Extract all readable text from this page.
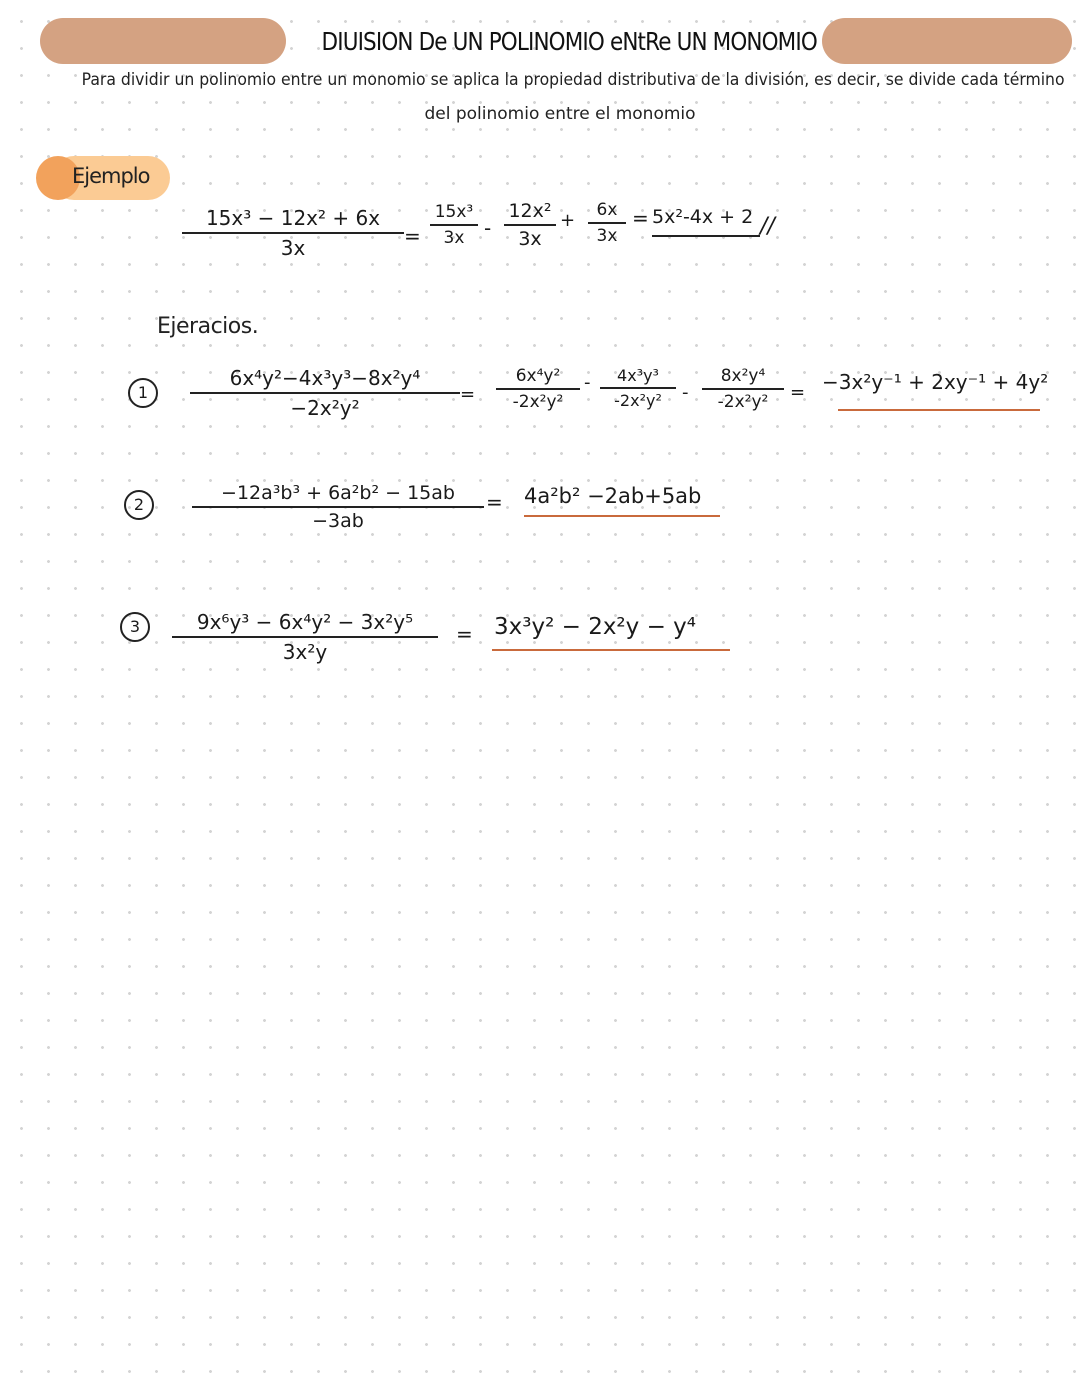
DIUISION De UN POLINOMIO eNtRe UN MONOMIO
Para dividir un polinomio entre un monomio se aplica la propiedad distributiva de la división, es decir, se divide cada término
del polinomio entre el monomio
Ejemplo
15x³ − 12x² + 6x
3x	=
15x³
3x -
12x²
3x
+	6x
3x
= 5x²-4x + 2 //
Ejeracios.
1
6x⁴y²−4x³y³−8x²y⁴
−2x²y²
=
6x⁴y²
-2x²y²
-	4x³y³
-2x²y²	-
8x²y⁴
-2x²y²	= −3x²y⁻¹ + 2xy⁻¹ + 4y²
2
−12a³b³ + 6a²b² − 15ab
−3ab
= 4a²b² −2ab+5ab
3	9x⁶y³ − 6x⁴y² − 3x²y⁵
3x²y
= 3x³y² − 2x²y − y⁴
